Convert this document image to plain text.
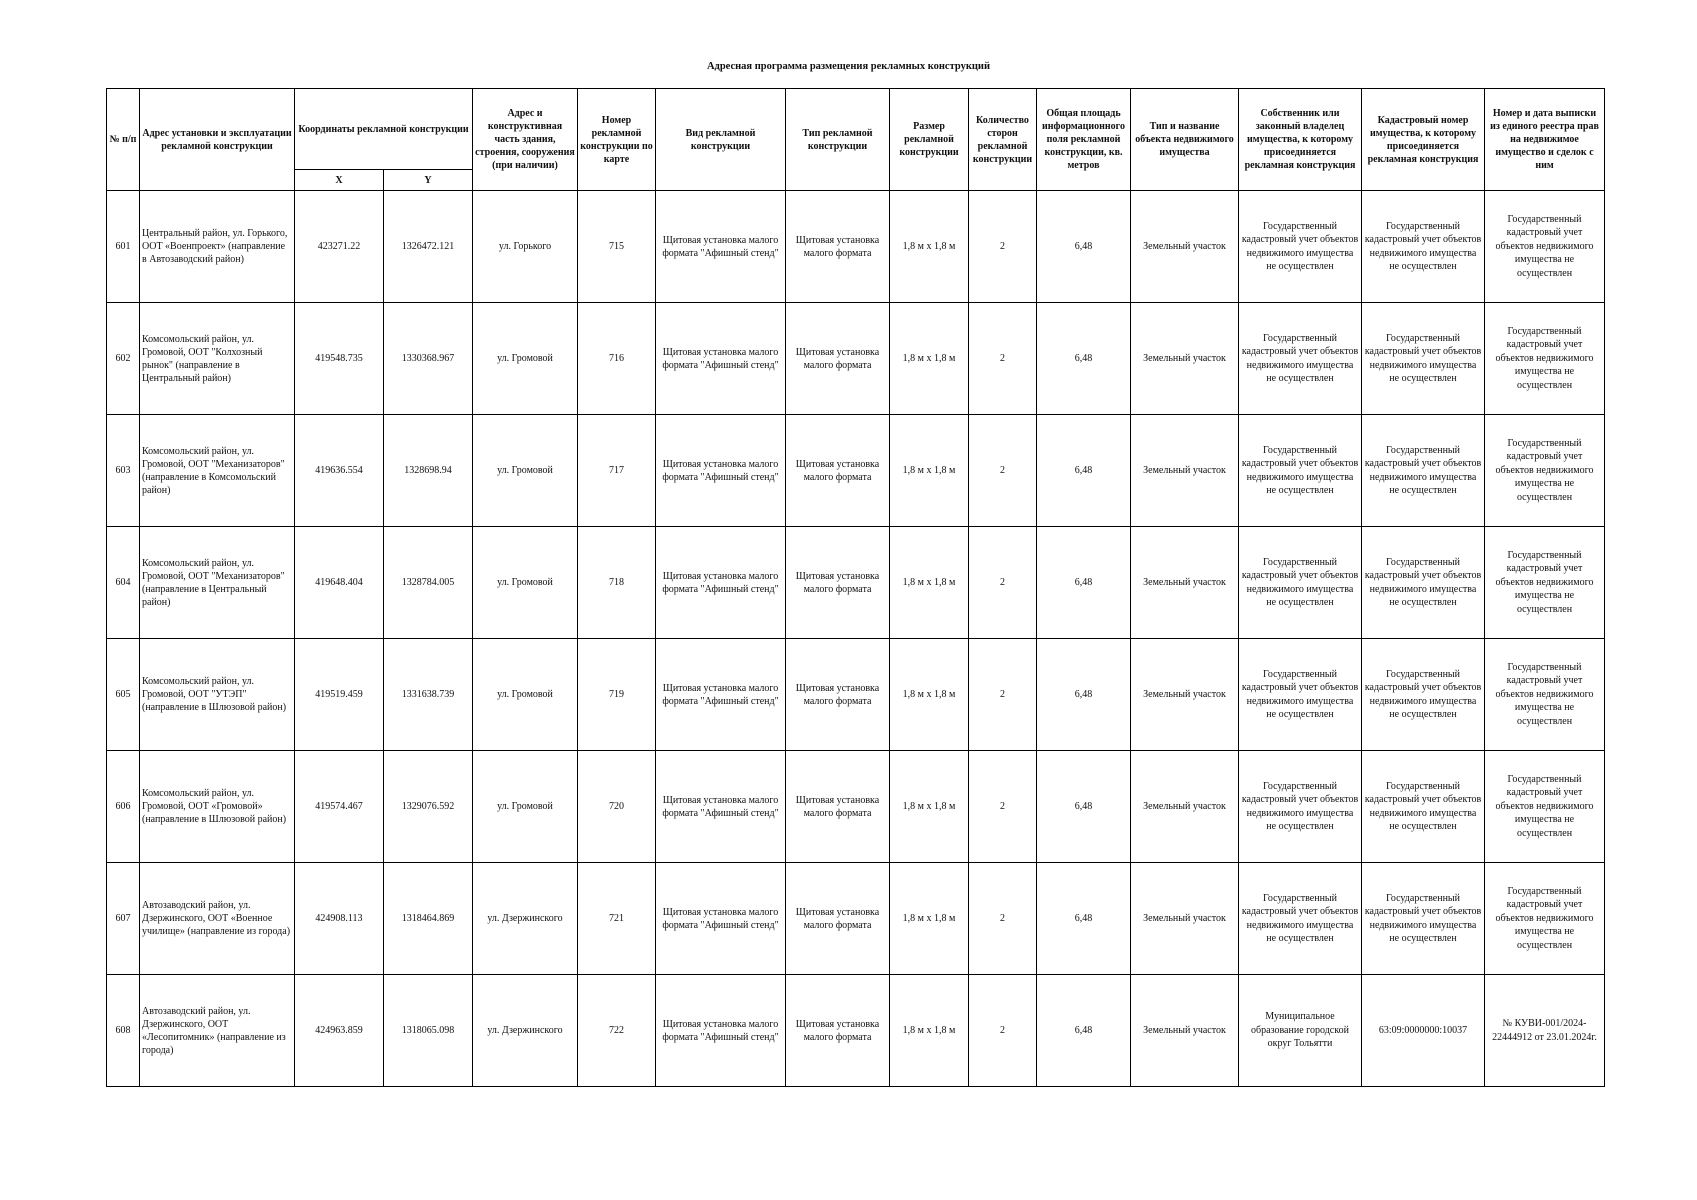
Адресная программа размещения рекламных конструкций
№ п/п	Адрес установки и эксплуатации рекламной конструкции	Координаты рекламной конструкции		Адрес и конструктивная часть здания, строения, сооружения (при наличии)	Номер рекламной конструкции по карте	Вид рекламной конструкции	Тип рекламной конструкции	Размер рекламной конструкции	Количество сторон рекламной конструкции	Общая площадь информационного поля рекламной конструкции, кв. метров	Тип и название объекта недвижимого имущества	Собственник или законный владелец имущества, к которому присоединяется рекламная конструкция	Кадастровый номер имущества, к которому присоединяется рекламная конструкция	Номер и дата выписки из единого реестра прав на недвижимое имущество и сделок с ним
		X	Y											
601	Центральный район, ул. Горького, ООТ «Военпроект» (направление в Автозаводский район)	423271.22	1326472.121	ул. Горького	715	Щитовая установка малого формата "Афишный стенд"	Щитовая установка малого формата	1,8 м х 1,8 м	2	6,48	Земельный участок	Государственный кадастровый учет объектов недвижимого имущества не осуществлен	Государственный кадастровый учет объектов недвижимого имущества не осуществлен	Государственный кадастровый учет объектов недвижимого имущества не осуществлен
602	Комсомольский район, ул. Громовой, ООТ "Колхозный рынок" (направление в Центральный район)	419548.735	1330368.967	ул. Громовой	716	Щитовая установка малого формата "Афишный стенд"	Щитовая установка малого формата	1,8 м х 1,8 м	2	6,48	Земельный участок	Государственный кадастровый учет объектов недвижимого имущества не осуществлен	Государственный кадастровый учет объектов недвижимого имущества не осуществлен	Государственный кадастровый учет объектов недвижимого имущества не осуществлен
603	Комсомольский район, ул. Громовой, ООТ "Механизаторов" (направление в Комсомольский район)	419636.554	1328698.94	ул. Громовой	717	Щитовая установка малого формата "Афишный стенд"	Щитовая установка малого формата	1,8 м х 1,8 м	2	6,48	Земельный участок	Государственный кадастровый учет объектов недвижимого имущества не осуществлен	Государственный кадастровый учет объектов недвижимого имущества не осуществлен	Государственный кадастровый учет объектов недвижимого имущества не осуществлен
604	Комсомольский район, ул. Громовой, ООТ "Механизаторов" (направление в Центральный район)	419648.404	1328784.005	ул. Громовой	718	Щитовая установка малого формата "Афишный стенд"	Щитовая установка малого формата	1,8 м х 1,8 м	2	6,48	Земельный участок	Государственный кадастровый учет объектов недвижимого имущества не осуществлен	Государственный кадастровый учет объектов недвижимого имущества не осуществлен	Государственный кадастровый учет объектов недвижимого имущества не осуществлен
605	Комсомольский район, ул. Громовой, ООТ "УТЭП" (направление в Шлюзовой район)	419519.459	1331638.739	ул. Громовой	719	Щитовая установка малого формата "Афишный стенд"	Щитовая установка малого формата	1,8 м х 1,8 м	2	6,48	Земельный участок	Государственный кадастровый учет объектов недвижимого имущества не осуществлен	Государственный кадастровый учет объектов недвижимого имущества не осуществлен	Государственный кадастровый учет объектов недвижимого имущества не осуществлен
606	Комсомольский район, ул. Громовой, ООТ «Громовой» (направление в Шлюзовой район)	419574.467	1329076.592	ул. Громовой	720	Щитовая установка малого формата "Афишный стенд"	Щитовая установка малого формата	1,8 м х 1,8 м	2	6,48	Земельный участок	Государственный кадастровый учет объектов недвижимого имущества не осуществлен	Государственный кадастровый учет объектов недвижимого имущества не осуществлен	Государственный кадастровый учет объектов недвижимого имущества не осуществлен
607	Автозаводский район, ул. Дзержинского, ООТ «Военное училище» (направление из города)	424908.113	1318464.869	ул. Дзержинского	721	Щитовая установка малого формата "Афишный стенд"	Щитовая установка малого формата	1,8 м х 1,8 м	2	6,48	Земельный участок	Государственный кадастровый учет объектов недвижимого имущества не осуществлен	Государственный кадастровый учет объектов недвижимого имущества не осуществлен	Государственный кадастровый учет объектов недвижимого имущества не осуществлен
608	Автозаводский район, ул. Дзержинского, ООТ «Лесопитомник» (направление из города)	424963.859	1318065.098	ул. Дзержинского	722	Щитовая установка малого формата "Афишный стенд"	Щитовая установка малого формата	1,8 м х 1,8 м	2	6,48	Земельный участок	Муниципальное образование городской округ Тольятти	63:09:0000000:10037	№ КУВИ-001/2024-22444912 от 23.01.2024г.
